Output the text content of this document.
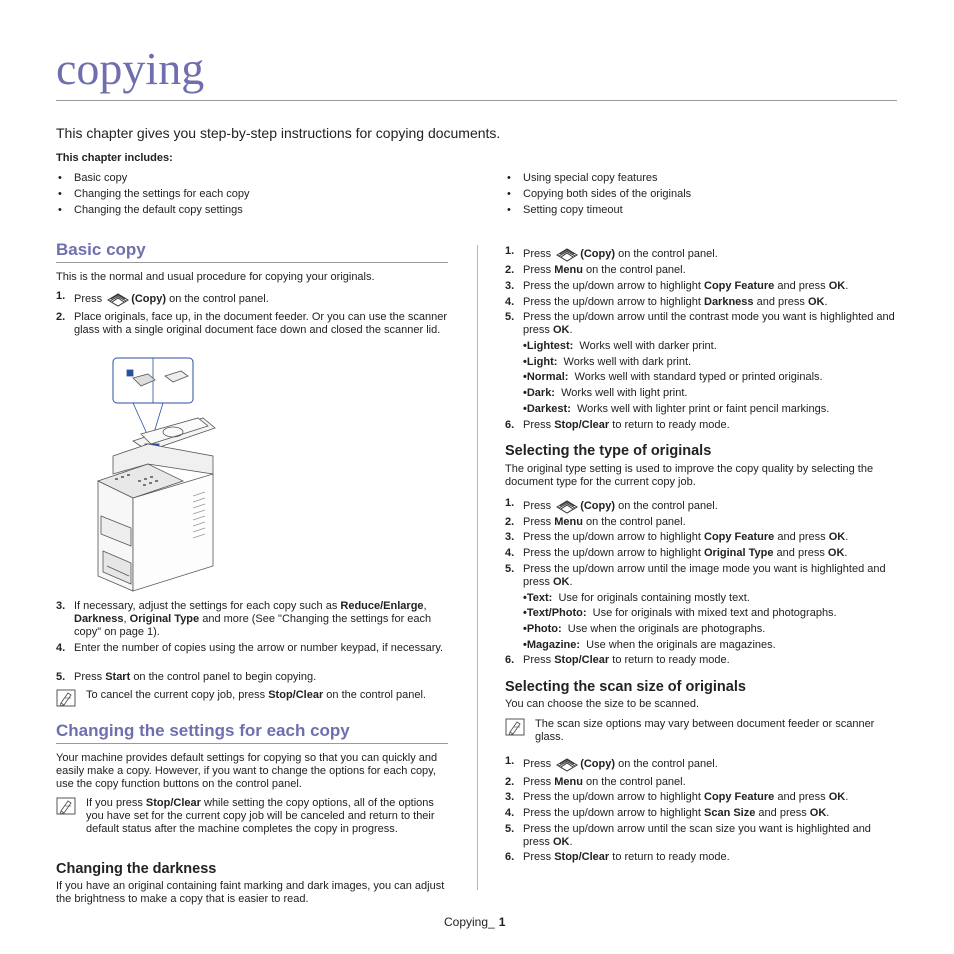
copying
This chapter gives you step-by-step instructions for copying documents.
This chapter includes:
• Basic copy
• Changing the settings for each copy
• Changing the default copy settings
• Using special copy features
• Copying both sides of the originals
• Setting copy timeout
Basic copy
This is the normal and usual procedure for copying your originals.
1. Press	(Copy) on the control panel.
2. Place originals, face up, in the document feeder. Or you can use the scanner glass with a single original document face down and closed the scanner lid.
3. If necessary, adjust the settings for each copy such as Reduce/Enlarge, Darkness, Original Type and more (See "Changing the settings for each copy" on page 1).
4. Enter the number of copies using the arrow or number keypad, if necessary.
5. Press Start on the control panel to begin copying.
To cancel the current copy job, press Stop/Clear on the control panel.
Changing the settings for each copy
Your machine provides default settings for copying so that you can quickly and easily make a copy. However, if you want to change the options for each copy, use the copy function buttons on the control panel.
If you press Stop/Clear while setting the copy options, all of the options you have set for the current copy job will be canceled and return to their default status after the machine completes the copy in progress.
Changing the darkness
If you have an original containing faint marking and dark images, you can adjust the brightness to make a copy that is easier to read.
1. Press	(Copy) on the control panel.
2. Press Menu on the control panel.
3. Press the up/down arrow to highlight Copy Feature and press OK.
4. Press the up/down arrow to highlight Darkness and press OK.
5. Press the up/down arrow until the contrast mode you want is highlighted and press OK.
•Lightest: Works well with darker print.
•Light: Works well with dark print.
•Normal: Works well with standard typed or printed originals.
•Dark: Works well with light print.
•Darkest: Works well with lighter print or faint pencil markings.
6. Press Stop/Clear to return to ready mode.
Selecting the type of originals
The original type setting is used to improve the copy quality by selecting the document type for the current copy job.
1. Press	(Copy) on the control panel.
2. Press Menu on the control panel.
3. Press the up/down arrow to highlight Copy Feature and press OK.
4. Press the up/down arrow to highlight Original Type and press OK.
5. Press the up/down arrow until the image mode you want is highlighted and press OK.
•Text: Use for originals containing mostly text.
•Text/Photo: Use for originals with mixed text and photographs.
•Photo: Use when the originals are photographs.
•Magazine: Use when the originals are magazines.
6. Press Stop/Clear to return to ready mode.
Selecting the scan size of originals
You can choose the size to be scanned.
The scan size options may vary between document feeder or scanner glass.
1. Press	(Copy) on the control panel.
2. Press Menu on the control panel.
3. Press the up/down arrow to highlight Copy Feature and press OK.
4. Press the up/down arrow to highlight Scan Size and press OK.
5. Press the up/down arrow until the scan size you want is highlighted and press OK.
6. Press Stop/Clear to return to ready mode.
Copying_ 1
